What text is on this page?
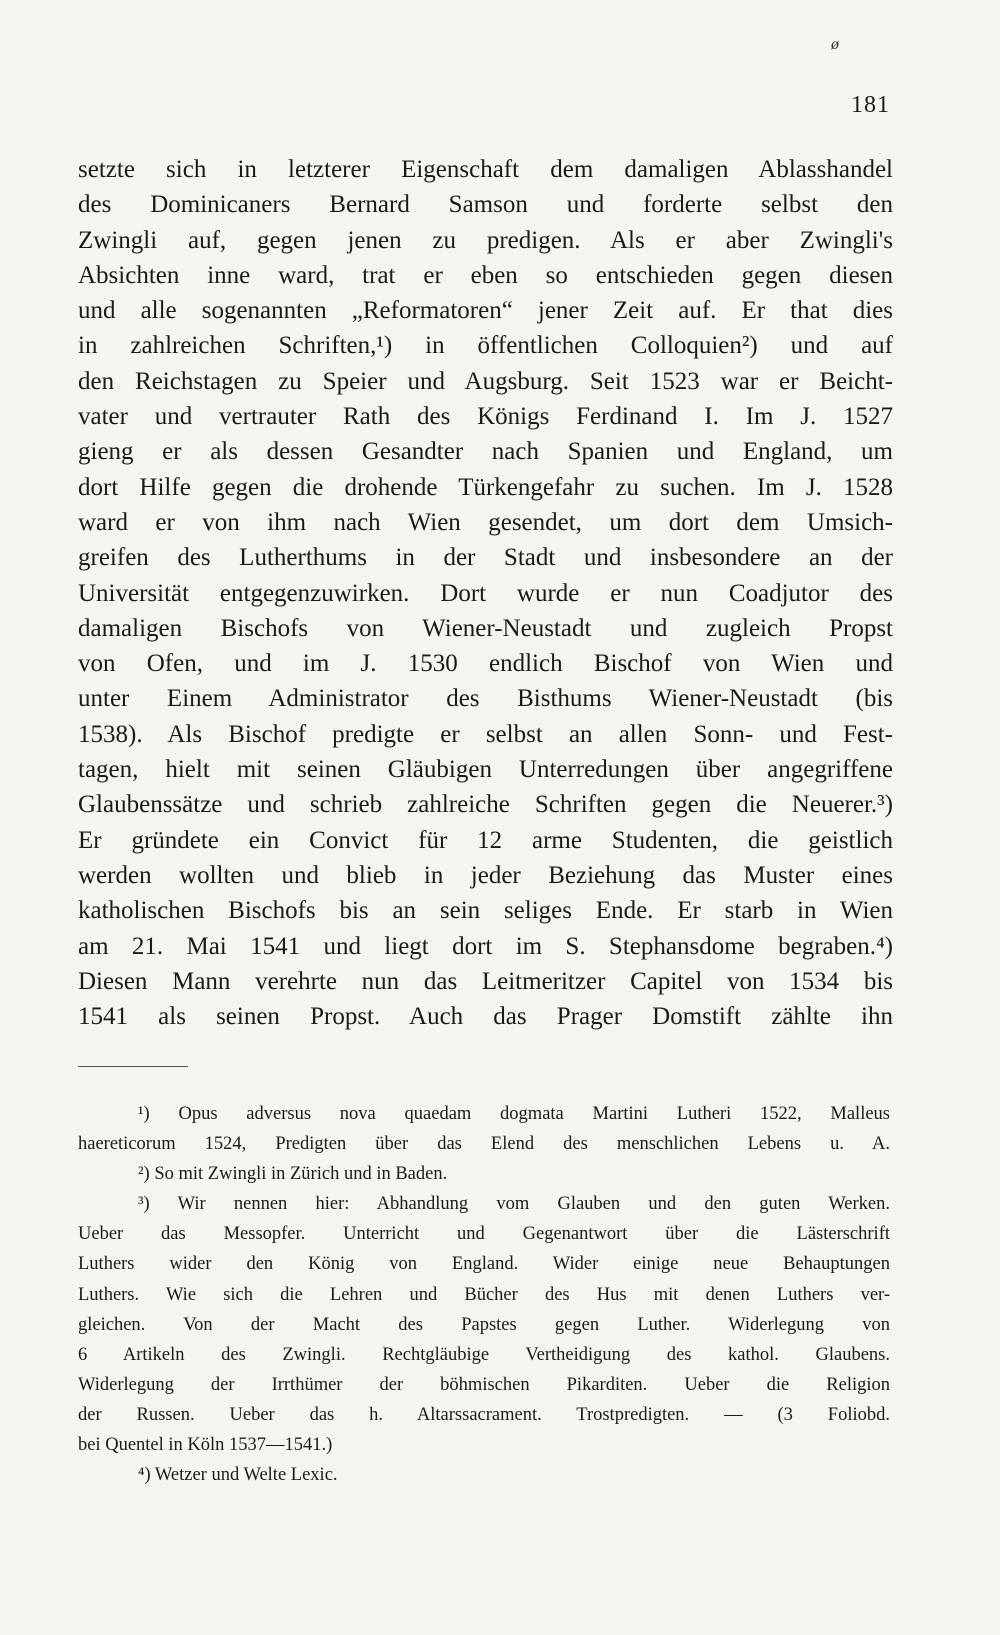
ø
181
setzte sich in letzterer Eigenschaft dem damaligen Ablasshandel
des Dominicaners Bernard Samson und forderte selbst den
Zwingli auf, gegen jenen zu predigen. Als er aber Zwingli's
Absichten inne ward, trat er eben so entschieden gegen diesen
und alle sogenannten „Reformatoren“ jener Zeit auf. Er that dies
in zahlreichen Schriften,¹) in öffentlichen Colloquien²) und auf
den Reichstagen zu Speier und Augsburg. Seit 1523 war er Beicht-
vater und vertrauter Rath des Königs Ferdinand I. Im J. 1527
gieng er als dessen Gesandter nach Spanien und England, um
dort Hilfe gegen die drohende Türkengefahr zu suchen. Im J. 1528
ward er von ihm nach Wien gesendet, um dort dem Umsich-
greifen des Lutherthums in der Stadt und insbesondere an der
Universität entgegenzuwirken. Dort wurde er nun Coadjutor des
damaligen Bischofs von Wiener-Neustadt und zugleich Propst
von Ofen, und im J. 1530 endlich Bischof von Wien und
unter Einem Administrator des Bisthums Wiener-Neustadt (bis
1538). Als Bischof predigte er selbst an allen Sonn- und Fest-
tagen, hielt mit seinen Gläubigen Unterredungen über angegriffene
Glaubenssätze und schrieb zahlreiche Schriften gegen die Neuerer.³)
Er gründete ein Convict für 12 arme Studenten, die geistlich
werden wollten und blieb in jeder Beziehung das Muster eines
katholischen Bischofs bis an sein seliges Ende. Er starb in Wien
am 21. Mai 1541 und liegt dort im S. Stephansdome begraben.⁴)
Diesen Mann verehrte nun das Leitmeritzer Capitel von 1534 bis
1541 als seinen Propst. Auch das Prager Domstift zählte ihn
¹) Opus adversus nova quaedam dogmata Martini Lutheri 1522, Malleus
haereticorum 1524, Predigten über das Elend des menschlichen Lebens u. A.
²) So mit Zwingli in Zürich und in Baden.
³) Wir nennen hier: Abhandlung vom Glauben und den guten Werken.
Ueber das Messopfer. Unterricht und Gegenantwort über die Lästerschrift
Luthers wider den König von England. Wider einige neue Behauptungen
Luthers. Wie sich die Lehren und Bücher des Hus mit denen Luthers ver-
gleichen. Von der Macht des Papstes gegen Luther. Widerlegung von
6 Artikeln des Zwingli. Rechtgläubige Vertheidigung des kathol. Glaubens.
Widerlegung der Irrthümer der böhmischen Pikarditen. Ueber die Religion
der Russen. Ueber das h. Altarssacrament. Trostpredigten. — (3 Foliobd.
bei Quentel in Köln 1537—1541.)
⁴) Wetzer und Welte Lexic.
